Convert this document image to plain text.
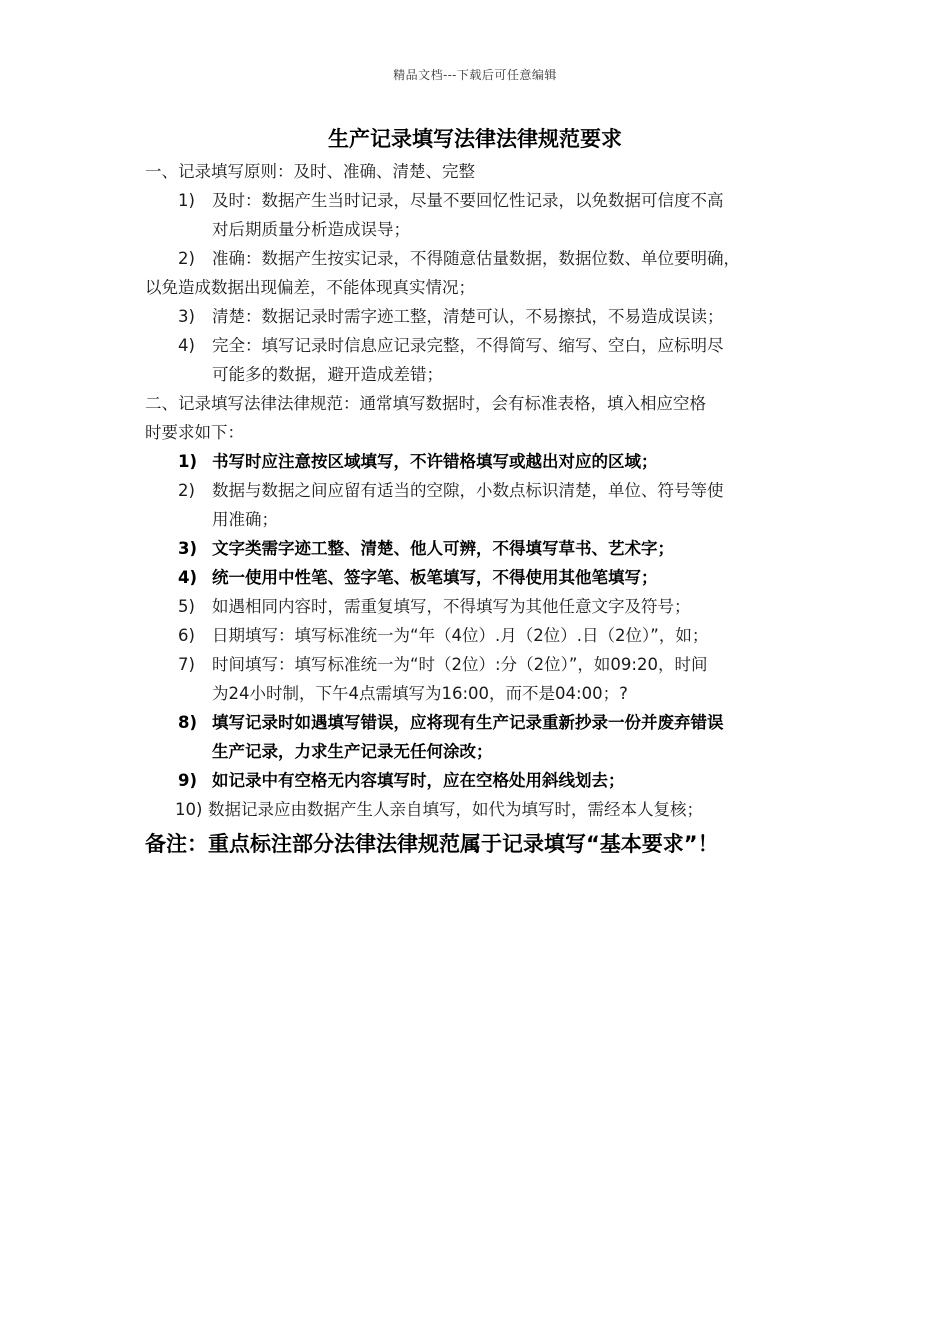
精品文档---下载后可任意编辑
生产记录填写法律法律规范要求
一、记录填写原则：及时、准确、清楚、完整
1) 及时：数据产生当时记录，尽量不要回忆性记录，以免数据可信度不高
对后期质量分析造成误导；
2) 准确：数据产生按实记录，不得随意估量数据，数据位数、单位要明确，
以免造成数据出现偏差，不能体现真实情况；
3) 清楚：数据记录时需字迹工整，清楚可认，不易擦拭，不易造成误读；
4) 完全：填写记录时信息应记录完整，不得简写、缩写、空白，应标明尽
可能多的数据，避开造成差错；
二、记录填写法律法律规范：通常填写数据时，会有标准表格，填入相应空格
时要求如下：
1) 书写时应注意按区域填写，不许错格填写或越出对应的区域；
2) 数据与数据之间应留有适当的空隙，小数点标识清楚，单位、符号等使
用准确；
3) 文字类需字迹工整、清楚、他人可辨，不得填写草书、艺术字；
4) 统一使用中性笔、签字笔、板笔填写，不得使用其他笔填写；
5) 如遇相同内容时，需重复填写，不得填写为其他任意文字及符号；
6) 日期填写：填写标准统一为“年（4位）.月（2位）.日（2位）”，如；
7) 时间填写：填写标准统一为“时（2位）:分（2位）”，如09:20，时间
为24小时制，下午4点需填写为16:00，而不是04:00；?
8) 填写记录时如遇填写错误，应将现有生产记录重新抄录一份并废弃错误
生产记录，力求生产记录无任何涂改；
9) 如记录中有空格无内容填写时，应在空格处用斜线划去；
10) 数据记录应由数据产生人亲自填写，如代为填写时，需经本人复核；
备注：重点标注部分法律法律规范属于记录填写“基本要求”！
